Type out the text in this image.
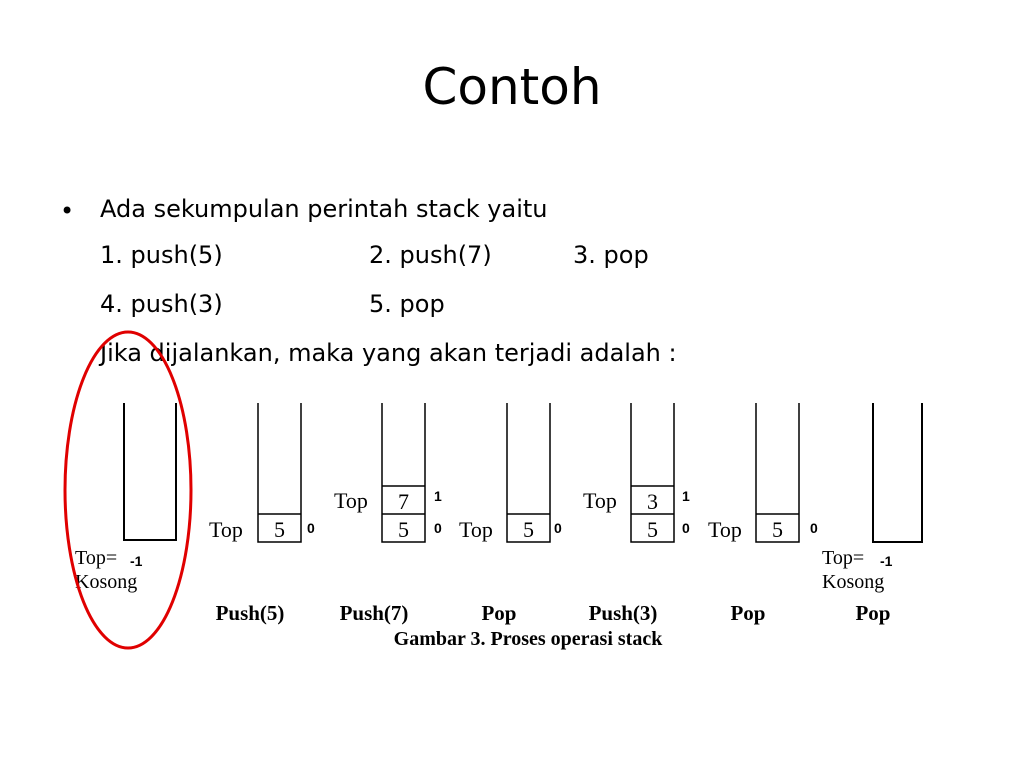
Contoh
• Ada sekumpulan perintah stack yaitu
1. push(5)	2. push(7)	3. pop
4. push(3)	5. pop
Jika dijalankan, maka yang akan terjadi adalah :
Top= -1
Kosong
5
Top	0
Push(5)
7
5
Top	1
0
Push(7)
5
Top	0
Pop
3
5
Top	1
0
Push(3)
5
Top	0
Pop
Top= -1
Kosong
Pop
Gambar 3. Proses operasi stack
